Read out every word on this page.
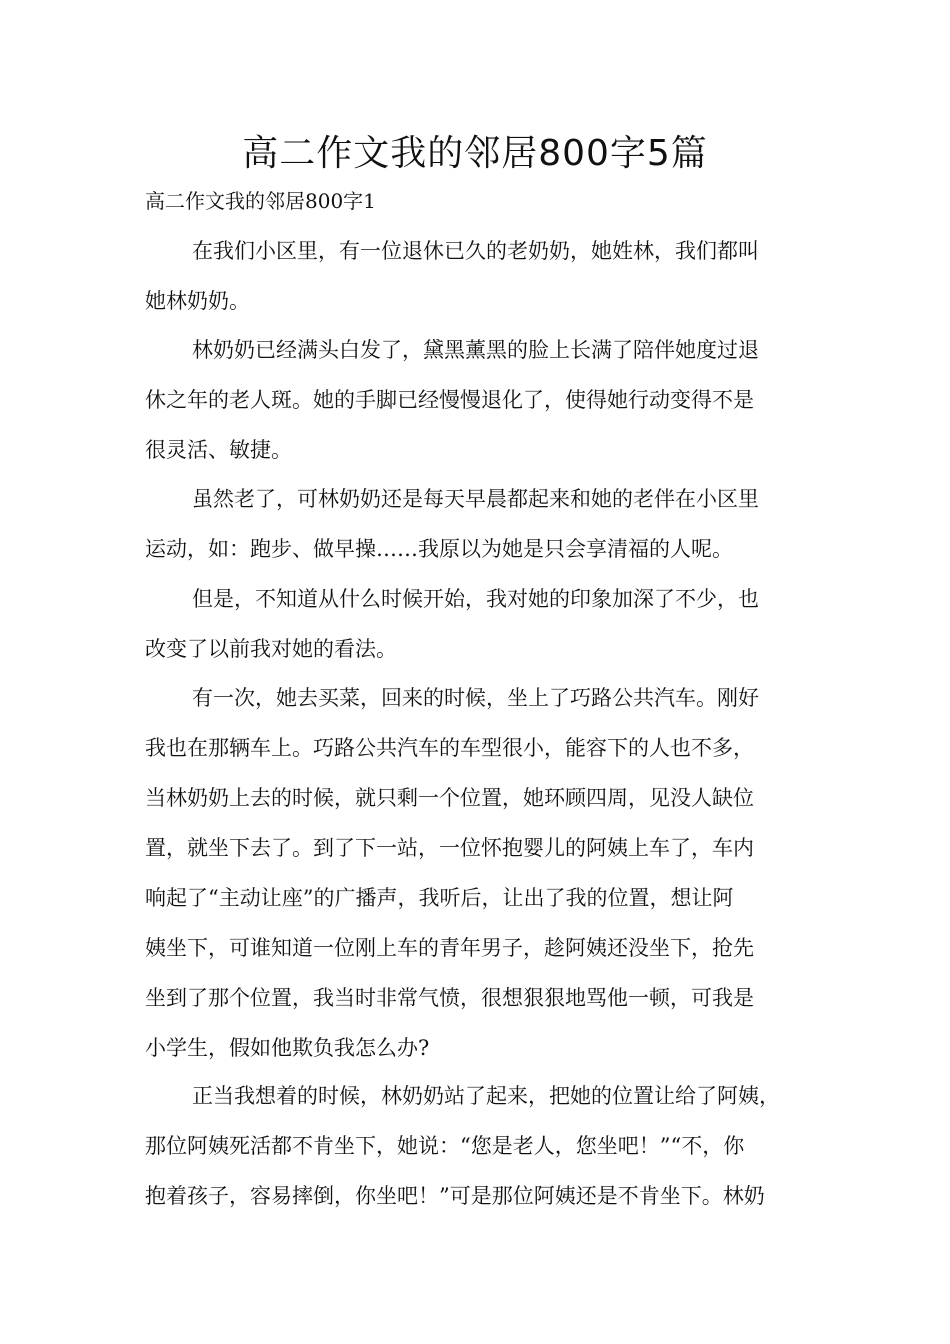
高二作文我的邻居800字5篇

高二作文我的邻居800字1

在我们小区里，有一位退休已久的老奶奶，她姓林，我们都叫
她林奶奶。

林奶奶已经满头白发了，黛黑薰黑的脸上长满了陪伴她度过退
休之年的老人斑。她的手脚已经慢慢退化了，使得她行动变得不是
很灵活、敏捷。

虽然老了，可林奶奶还是每天早晨都起来和她的老伴在小区里
运动，如：跑步、做早操……我原以为她是只会享清福的人呢。

但是，不知道从什么时候开始，我对她的印象加深了不少，也
改变了以前我对她的看法。

有一次，她去买菜，回来的时候，坐上了巧路公共汽车。刚好
我也在那辆车上。巧路公共汽车的车型很小，能容下的人也不多，
当林奶奶上去的时候，就只剩一个位置，她环顾四周，见没人缺位
置，就坐下去了。到了下一站，一位怀抱婴儿的阿姨上车了，车内
响起了“主动让座”的广播声，我听后，让出了我的位置，想让阿
姨坐下，可谁知道一位刚上车的青年男子，趁阿姨还没坐下，抢先
坐到了那个位置，我当时非常气愤，很想狠狠地骂他一顿，可我是
小学生，假如他欺负我怎么办?

正当我想着的时候，林奶奶站了起来，把她的位置让给了阿姨，
那位阿姨死活都不肯坐下，她说：“您是老人，您坐吧！”“不，你
抱着孩子，容易摔倒，你坐吧！”可是那位阿姨还是不肯坐下。林奶
